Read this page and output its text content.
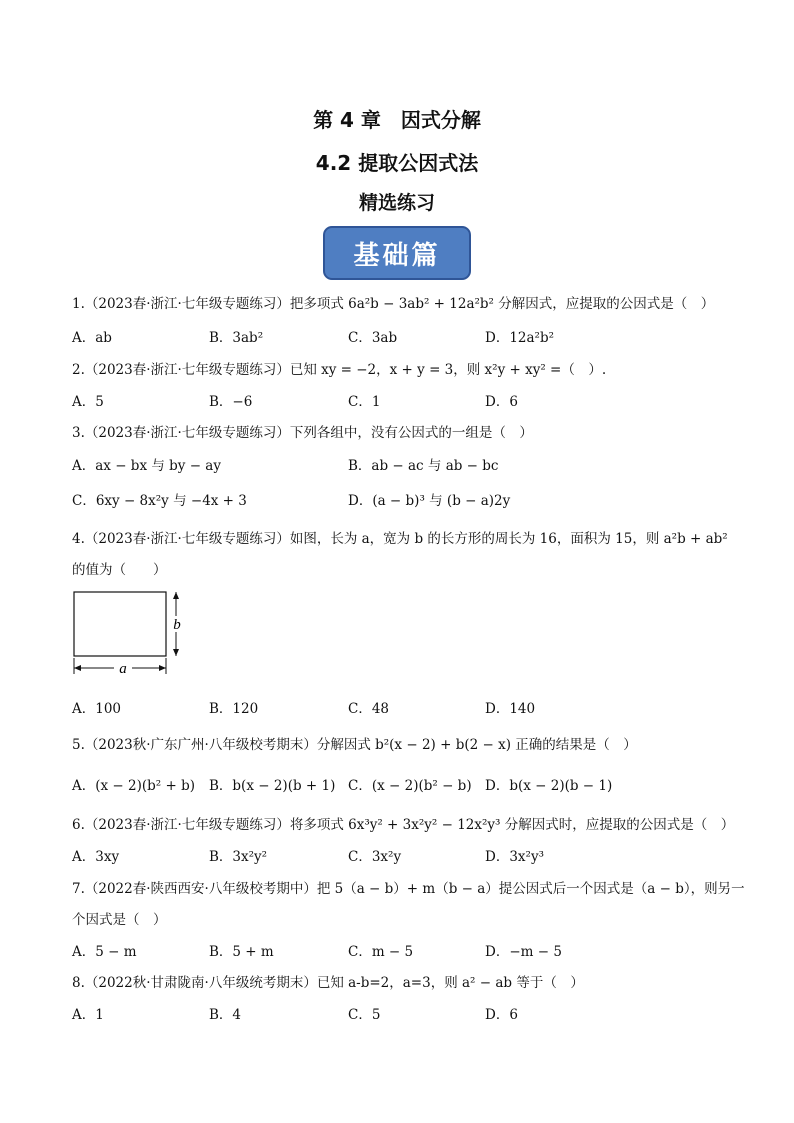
第 4 章　因式分解
4.2 提取公因式法
精选练习
基础篇
1.（2023春·浙江·七年级专题练习）把多项式 6a²b − 3ab² + 12a²b² 分解因式，应提取的公因式是（　）
A．ab	B．3ab²	C．3ab	D．12a²b²
2.（2023春·浙江·七年级专题练习）已知 xy = −2，x + y = 3，则 x²y + xy² =（　）.
A．5	B．−6	C．1	D．6
3.（2023春·浙江·七年级专题练习）下列各组中，没有公因式的一组是（　）
A．ax − bx 与 by − ay	B．ab − ac 与 ab − bc
C．6xy − 8x²y 与 −4x + 3	D．(a − b)³ 与 (b − a)2y
4.（2023春·浙江·七年级专题练习）如图，长为 a，宽为 b 的长方形的周长为 16，面积为 15，则 a²b + ab²
的值为（　　）
a
b
A．100	B．120	C．48	D．140
5.（2023秋·广东广州·八年级校考期末）分解因式 b²(x − 2) + b(2 − x) 正确的结果是（　）
A．(x − 2)(b² + b) B．b(x − 2)(b + 1) C．(x − 2)(b² − b) D．b(x − 2)(b − 1)
6.（2023春·浙江·七年级专题练习）将多项式 6x³y² + 3x²y² − 12x²y³ 分解因式时，应提取的公因式是（　）
A．3xy	B．3x²y²	C．3x²y	D．3x²y³
7.（2022春·陕西西安·八年级校考期中）把 5（a − b）+ m（b − a）提公因式后一个因式是（a − b），则另一
个因式是（　）
A．5 − m	B．5 + m	C．m − 5	D．−m − 5
8.（2022秋·甘肃陇南·八年级统考期末）已知 a-b=2，a=3，则 a² − ab 等于（　）
A．1	B．4	C．5	D．6
